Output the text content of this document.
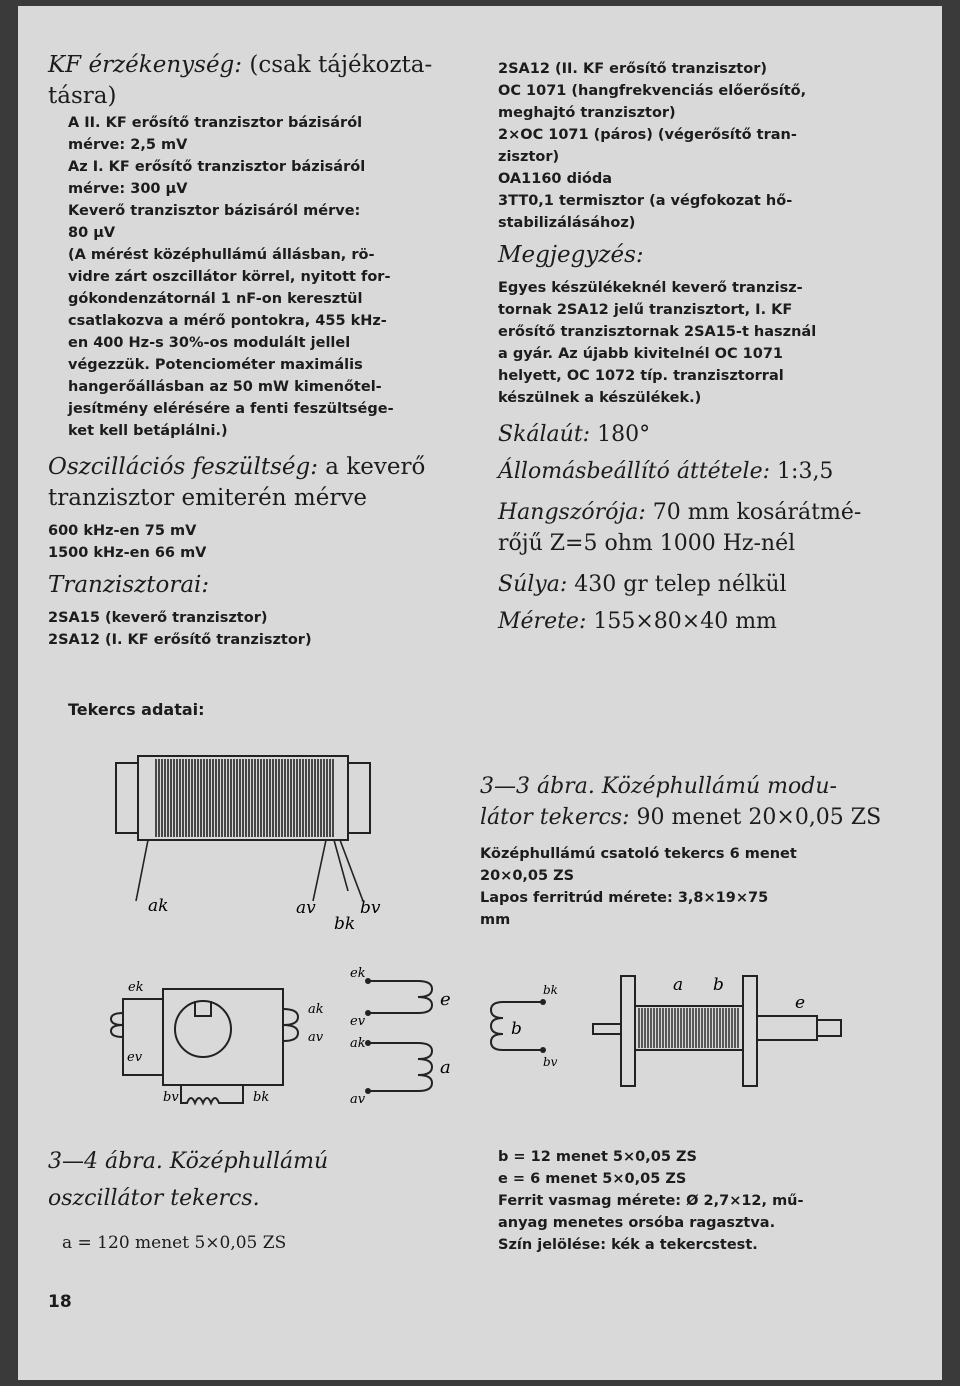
KF érzékenység: (csak tájékozta-
tásra)
A II. KF erősítő tranzisztor bázisáról
mérve: 2,5 mV
Az I. KF erősítő tranzisztor bázisáról
mérve: 300 µV
Keverő tranzisztor bázisáról mérve:
80 µV
(A mérést középhullámú állásban, rö-
vidre zárt oszcillátor körrel, nyitott for-
gókondenzátornál 1 nF-on keresztül
csatlakozva a mérő pontokra, 455 kHz-
en 400 Hz-s 30%-os modulált jellel
végezzük. Potenciométer maximális
hangerőállásban az 50 mW kimenőtel-
jesítmény elérésére a fenti feszültsége-
ket kell betáplálni.)
Oszcillációs feszültség: a keverő
tranzisztor emiterén mérve
600 kHz-en 75 mV
1500 kHz-en 66 mV
Tranzisztorai:
2SA15 (keverő tranzisztor)
2SA12 (I. KF erősítő tranzisztor)
2SA12 (II. KF erősítő tranzisztor)
OC 1071 (hangfrekvenciás előerősítő,
meghajtó tranzisztor)
2×OC 1071 (páros) (végerősítő tran-
zisztor)
OA1160 dióda
3TT0,1 termisztor (a végfokozat hő-
stabilizálásához)
Megjegyzés:
Egyes készülékeknél keverő tranzisz-
tornak 2SA12 jelű tranzisztort, I. KF
erősítő tranzisztornak 2SA15-t használ
a gyár. Az újabb kivitelnél OC 1071
helyett, OC 1072 típ. tranzisztorral
készülnek a készülékek.)
Skálaút: 180°
Állomásbeállító áttétele: 1:3,5
Hangszórója: 70 mm kosárátmé-
rőjű Z=5 ohm 1000 Hz-nél
Súlya: 430 gr telep nélkül
Mérete: 155×80×40 mm
Tekercs adatai:
ak	av
bk
bv
3—3 ábra. Középhullámú modu-
látor tekercs: 90 menet 20×0,05 ZS
Középhullámú csatoló tekercs 6 menet
20×0,05 ZS
Lapos ferritrúd mérete: 3,8×19×75
mm
ek
ev
ak
av
bv	bk
ek
ev
ak
av
e
a
bk
bv
b
a b
e
3—4 ábra. Középhullámú
oszcillátor tekercs.
a = 120 menet 5×0,05 ZS
b = 12 menet 5×0,05 ZS
e = 6 menet 5×0,05 ZS
Ferrit vasmag mérete: Ø 2,7×12, mű-
anyag menetes orsóba ragasztva.
Szín jelölése: kék a tekercstest.
18
